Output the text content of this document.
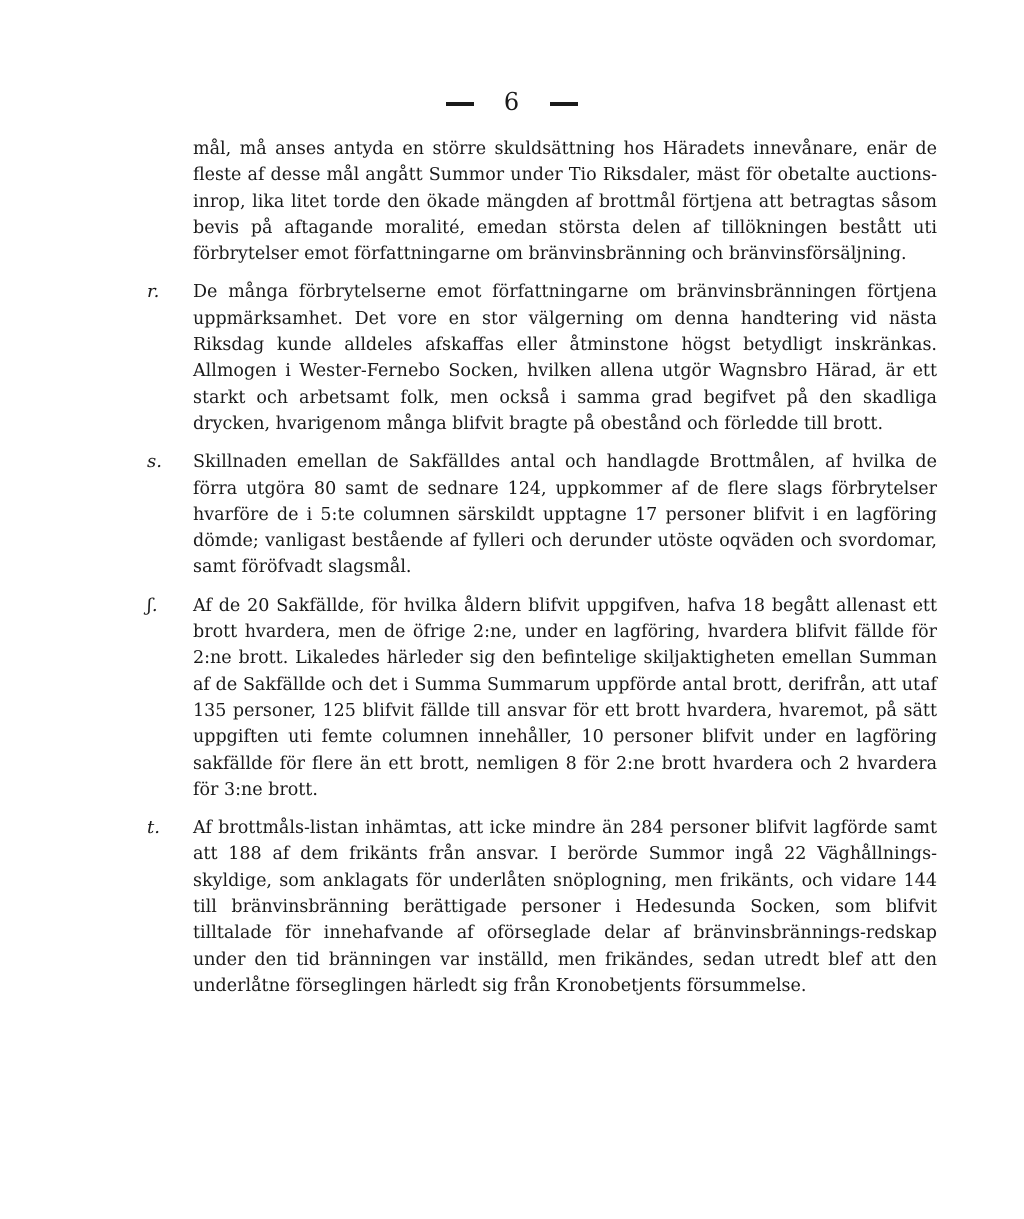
6

mål, må anses antyda en större skuldsättning hos Häradets innevånare, enär de fleste af desse mål angått Summor under Tio Riksdaler, mäst för obetalte auctions-inrop, lika litet torde den ökade mängden af brottmål förtjena att betragtas såsom bevis på aftagande moralité, emedan största delen af tillökningen bestått uti förbrytelser emot författningarne om bränvinsbränning och bränvinsförsäljning.

r.	De många förbrytelserne emot författningarne om bränvinsbränningen förtjena uppmärksamhet. Det vore en stor välgerning om denna handtering vid nästa Riksdag kunde alldeles afskaffas eller åtminstone högst betydligt inskränkas. Allmogen i Wester-Fernebo Socken, hvilken allena utgör Wagnsbro Härad, är ett starkt och arbetsamt folk, men också i samma grad begifvet på den skadliga drycken, hvarigenom många blifvit bragte på obestånd och förledde till brott.

s.	Skillnaden emellan de Sakfälldes antal och handlagde Brottmålen, af hvilka de förra utgöra 80 samt de sednare 124, uppkommer af de flere slags förbrytelser hvarföre de i 5:te columnen särskildt upptagne 17 personer blifvit i en lagföring dömde; vanligast bestående af fylleri och derunder utöste oqväden och svordomar, samt föröfvadt slagsmål.

ʃ.	Af de 20 Sakfällde, för hvilka åldern blifvit uppgifven, hafva 18 begått allenast ett brott hvardera, men de öfrige 2:ne, under en lagföring, hvardera blifvit fällde för 2:ne brott. Likaledes härleder sig den befintelige skiljaktigheten emellan Summan af de Sakfällde och det i Summa Summarum uppförde antal brott, derifrån, att utaf 135 personer, 125 blifvit fällde till ansvar för ett brott hvardera, hvaremot, på sätt uppgiften uti femte columnen innehåller, 10 personer blifvit under en lagföring sakfällde för flere än ett brott, nemligen 8 för 2:ne brott hvardera och 2 hvardera för 3:ne brott.

t.	Af brottmåls-listan inhämtas, att icke mindre än 284 personer blifvit lagförde samt att 188 af dem frikänts från ansvar. I berörde Summor ingå 22 Väghållnings-skyldige, som anklagats för underlåten snöplogning, men frikänts, och vidare 144 till bränvinsbränning berättigade personer i Hedesunda Socken, som blifvit tilltalade för innehafvande af oförseglade delar af bränvinsbrännings-redskap under den tid bränningen var inställd, men frikändes, sedan utredt blef att den underlåtne förseglingen härledt sig från Kronobetjents försummelse.
